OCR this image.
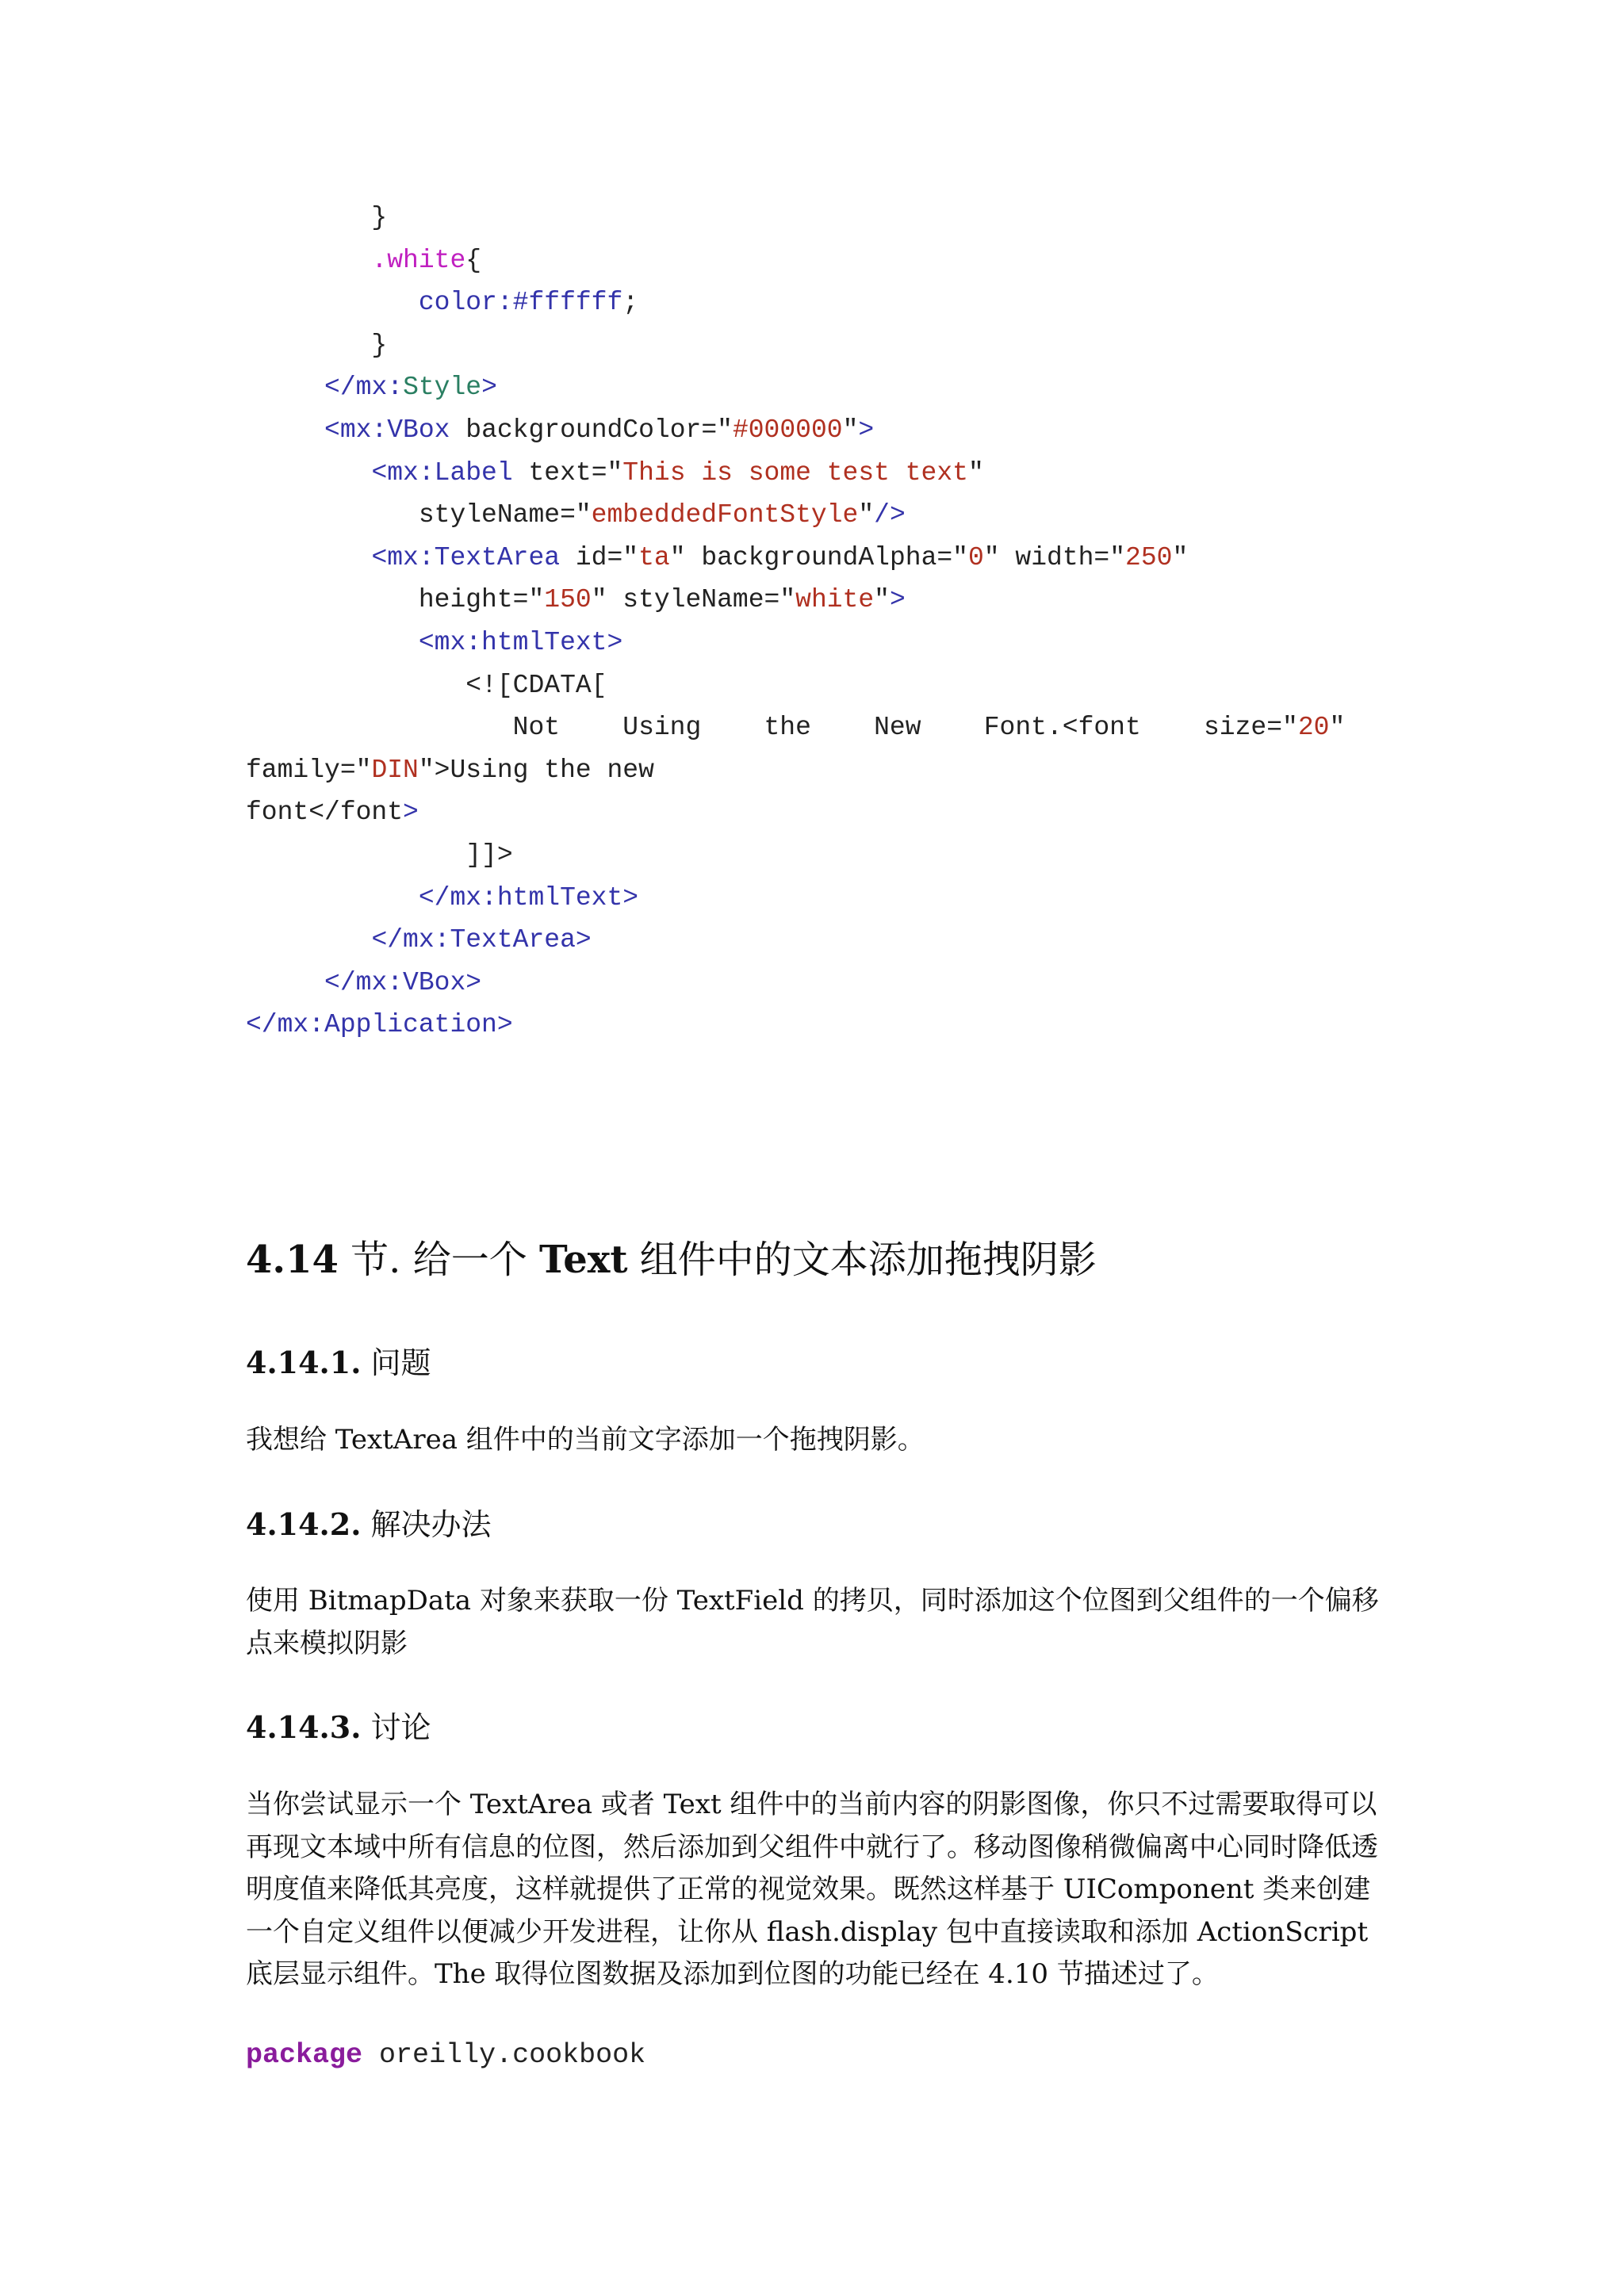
}
.white{
color:#ffffff;
}
</mx:Style>
<mx:VBox backgroundColor="#000000">
<mx:Label text="This is some test text"
styleName="embeddedFontStyle"/>
<mx:TextArea id="ta" backgroundAlpha="0" width="250"
height="150" styleName="white">
<mx:htmlText>
<![CDATA[
Not    Using    the    New    Font.<font    size="20"
family="DIN">Using the new
font</font>
]]>
</mx:htmlText>
</mx:TextArea>
</mx:VBox>
</mx:Application>
4.14 节. 给一个 Text 组件中的文本添加拖拽阴影
4.14.1. 问题

我想给 TextArea 组件中的当前文字添加一个拖拽阴影。

4.14.2. 解决办法

使用 BitmapData 对象来获取一份 TextField 的拷贝，同时添加这个位图到父组件的一个偏移点来模拟阴影

4.14.3. 讨论

当你尝试显示一个 TextArea 或者 Text 组件中的当前内容的阴影图像，你只不过需要取得可以再现文本域中所有信息的位图，然后添加到父组件中就行了。移动图像稍微偏离中心同时降低透明度值来降低其亮度，这样就提供了正常的视觉效果。既然这样基于 UIComponent 类来创建一个自定义组件以便减少开发进程，让你从 flash.display 包中直接读取和添加 ActionScript 底层显示组件。The 取得位图数据及添加到位图的功能已经在 4.10 节描述过了。

package oreilly.cookbook
